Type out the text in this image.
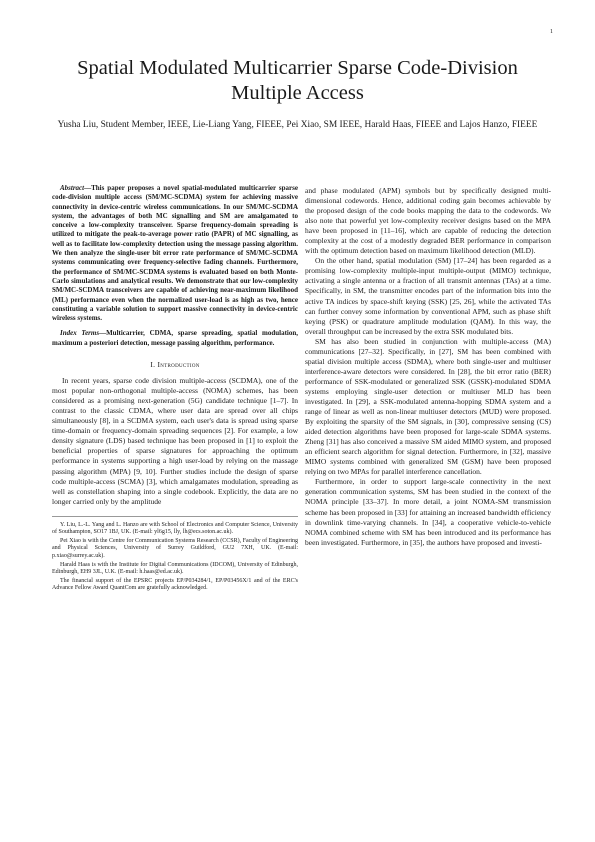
1
Spatial Modulated Multicarrier Sparse Code-Division Multiple Access
Yusha Liu, Student Member, IEEE, Lie-Liang Yang, FIEEE, Pei Xiao, SM IEEE, Harald Haas, FIEEE and Lajos Hanzo, FIEEE

Abstract—This paper proposes a novel spatial-modulated multicarrier sparse code-division multiple access (SM/MC-SCDMA) system for achieving massive connectivity in device-centric wireless communications. In our SM/MC-SCDMA system, the advantages of both MC signalling and SM are amalgamated to conceive a low-complexity transceiver. Sparse frequency-domain spreading is utilized to mitigate the peak-to-average power ratio (PAPR) of MC signalling, as well as to facilitate low-complexity detection using the message passing algorithm. We then analyze the single-user bit error rate performance of SM/MC-SCDMA systems communicating over frequency-selective fading channels. Furthermore, the performance of SM/MC-SCDMA systems is evaluated based on both Monte-Carlo simulations and analytical results. We demonstrate that our low-complexity SM/MC-SCDMA transceivers are capable of achieving near-maximum likelihood (ML) performance even when the normalized user-load is as high as two, hence constituting a variable solution to support massive connectivity in device-centric wireless systems.

Index Terms—Multicarrier, CDMA, sparse spreading, spatial modulation, maximum a posteriori detection, message passing algorithm, performance.

I. Introduction

In recent years, sparse code division multiple-access (SCDMA), one of the most popular non-orthogonal multiple-access (NOMA) schemes, has been considered as a promising next-generation (5G) candidate technique [1–7]. In contrast to the classic CDMA, where user data are spread over all chips simultaneously [8], in a SCDMA system, each user's data is spread using sparse time-domain or frequency-domain spreading sequences [2]. For example, a low density signature (LDS) based technique has been proposed in [1] to exploit the beneficial properties of sparse signatures for approaching the optimum performance in systems supporting a high user-load by relying on the massage passing algorithm (MPA) [9, 10]. Further studies include the design of sparse code multiple-access (SCMA) [3], which amalgamates modulation, spreading as well as constellation shaping into a single codebook. Explicitly, the data are no longer carried only by the amplitude

Y. Liu, L.-L. Yang and L. Hanzo are with School of Electronics and Computer Science, University of Southampton, SO17 1BJ, UK. (E-mail: yl6g15, lly, lh@ecs.soton.ac.uk).

Pei Xiao is with the Centre for Communication Systems Research (CCSR), Faculty of Engineering and Physical Sciences, University of Surrey Guildford, GU2 7XH, UK. (E-mail: p.xiao@surrey.ac.uk).

Harald Haas is with the Institute for Digital Communications (IDCOM), University of Edinburgh, Edinburgh, EH9 3JL, U.K. (E-mail: h.haas@ed.ac.uk).

The financial support of the EPSRC projects EP/P034284/1, EP/P03456X/1 and of the ERC's Advance Fellow Award QuantCom are gratefully acknowledged.

and phase modulated (APM) symbols but by specifically designed multi-dimensional codewords. Hence, additional coding gain becomes achievable by the proposed design of the code books mapping the data to the codewords. We also note that powerful yet low-complexity receiver designs based on the MPA have been proposed in [11–16], which are capable of reducing the detection complexity at the cost of a modestly degraded BER performance in comparison with the optimum detection based on maximum likelihood detection (MLD).

On the other hand, spatial modulation (SM) [17–24] has been regarded as a promising low-complexity multiple-input multiple-output (MIMO) technique, activating a single antenna or a fraction of all transmit antennas (TAs) at a time. Specifically, in SM, the transmitter encodes part of the information bits into the active TA indices by space-shift keying (SSK) [25, 26], while the activated TAs can further convey some information by conventional APM, such as phase shift keying (PSK) or quadrature amplitude modulation (QAM). In this way, the overall throughput can be increased by the extra SSK modulated bits.

SM has also been studied in conjunction with multiple-access (MA) communications [27–32]. Specifically, in [27], SM has been combined with spatial division multiple access (SDMA), where both single-user and multiuser interference-aware detectors were considered. In [28], the bit error ratio (BER) performance of SSK-modulated or generalized SSK (GSSK)-modulated SDMA systems employing single-user detection or multiuser MLD has been investigated. In [29], a SSK-modulated antenna-hopping SDMA system and a range of linear as well as non-linear multiuser detectors (MUD) were proposed. By exploiting the sparsity of the SM signals, in [30], compressive sensing (CS) aided detection algorithms have been proposed for large-scale SDMA systems. Zheng [31] has also conceived a massive SM aided MIMO system, and proposed an efficient search algorithm for signal detection. Furthermore, in [32], massive MIMO systems combined with generalized SM (GSM) have been proposed relying on two MPAs for parallel interference cancellation.

Furthermore, in order to support large-scale connectivity in the next generation communication systems, SM has been studied in the context of the NOMA principle [33–37]. In more detail, a joint NOMA-SM transmission scheme has been proposed in [33] for attaining an increased bandwidth efficiency in downlink time-varying channels. In [34], a cooperative vehicle-to-vehicle NOMA combined scheme with SM has been introduced and its performance has been investigated. Furthermore, in [35], the authors have proposed and investi-
